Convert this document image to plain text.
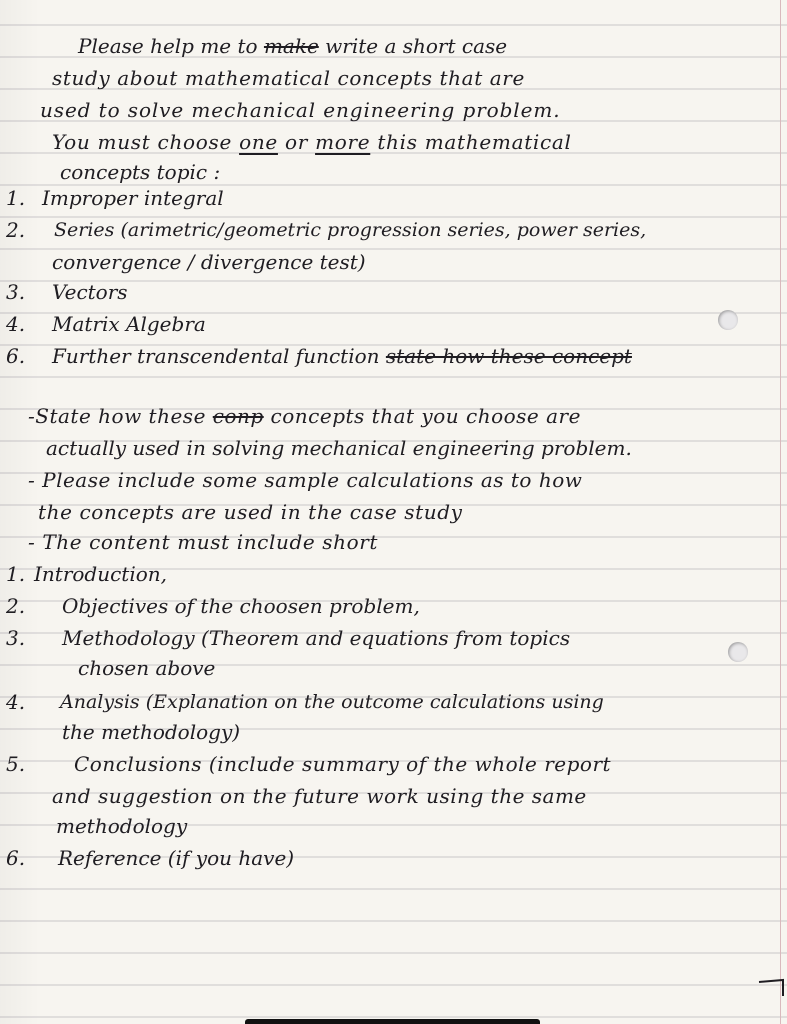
Please help me to make write a short case
study about mathematical concepts that are
used to solve mechanical engineering problem.
You must choose one or more this mathematical
concepts topic :
1. Improper integral
2. Series (arimetric/geometric progression series, power series,
convergence / divergence test)
3. Vectors
4. Matrix Algebra
6. Further transcendental function state how these concept
-State how these conp concepts that you choose are
actually used in solving mechanical engineering problem.
- Please include some sample calculations as to how
the concepts are used in the case study
- The content must include short
1. Introduction,
2. Objectives of the choosen problem,
3. Methodology (Theorem and equations from topics
chosen above
4. Analysis (Explanation on the outcome calculations using
the methodology)
5. Conclusions (include summary of the whole report
and suggestion on the future work using the same
methodology
6. Reference (if you have)
